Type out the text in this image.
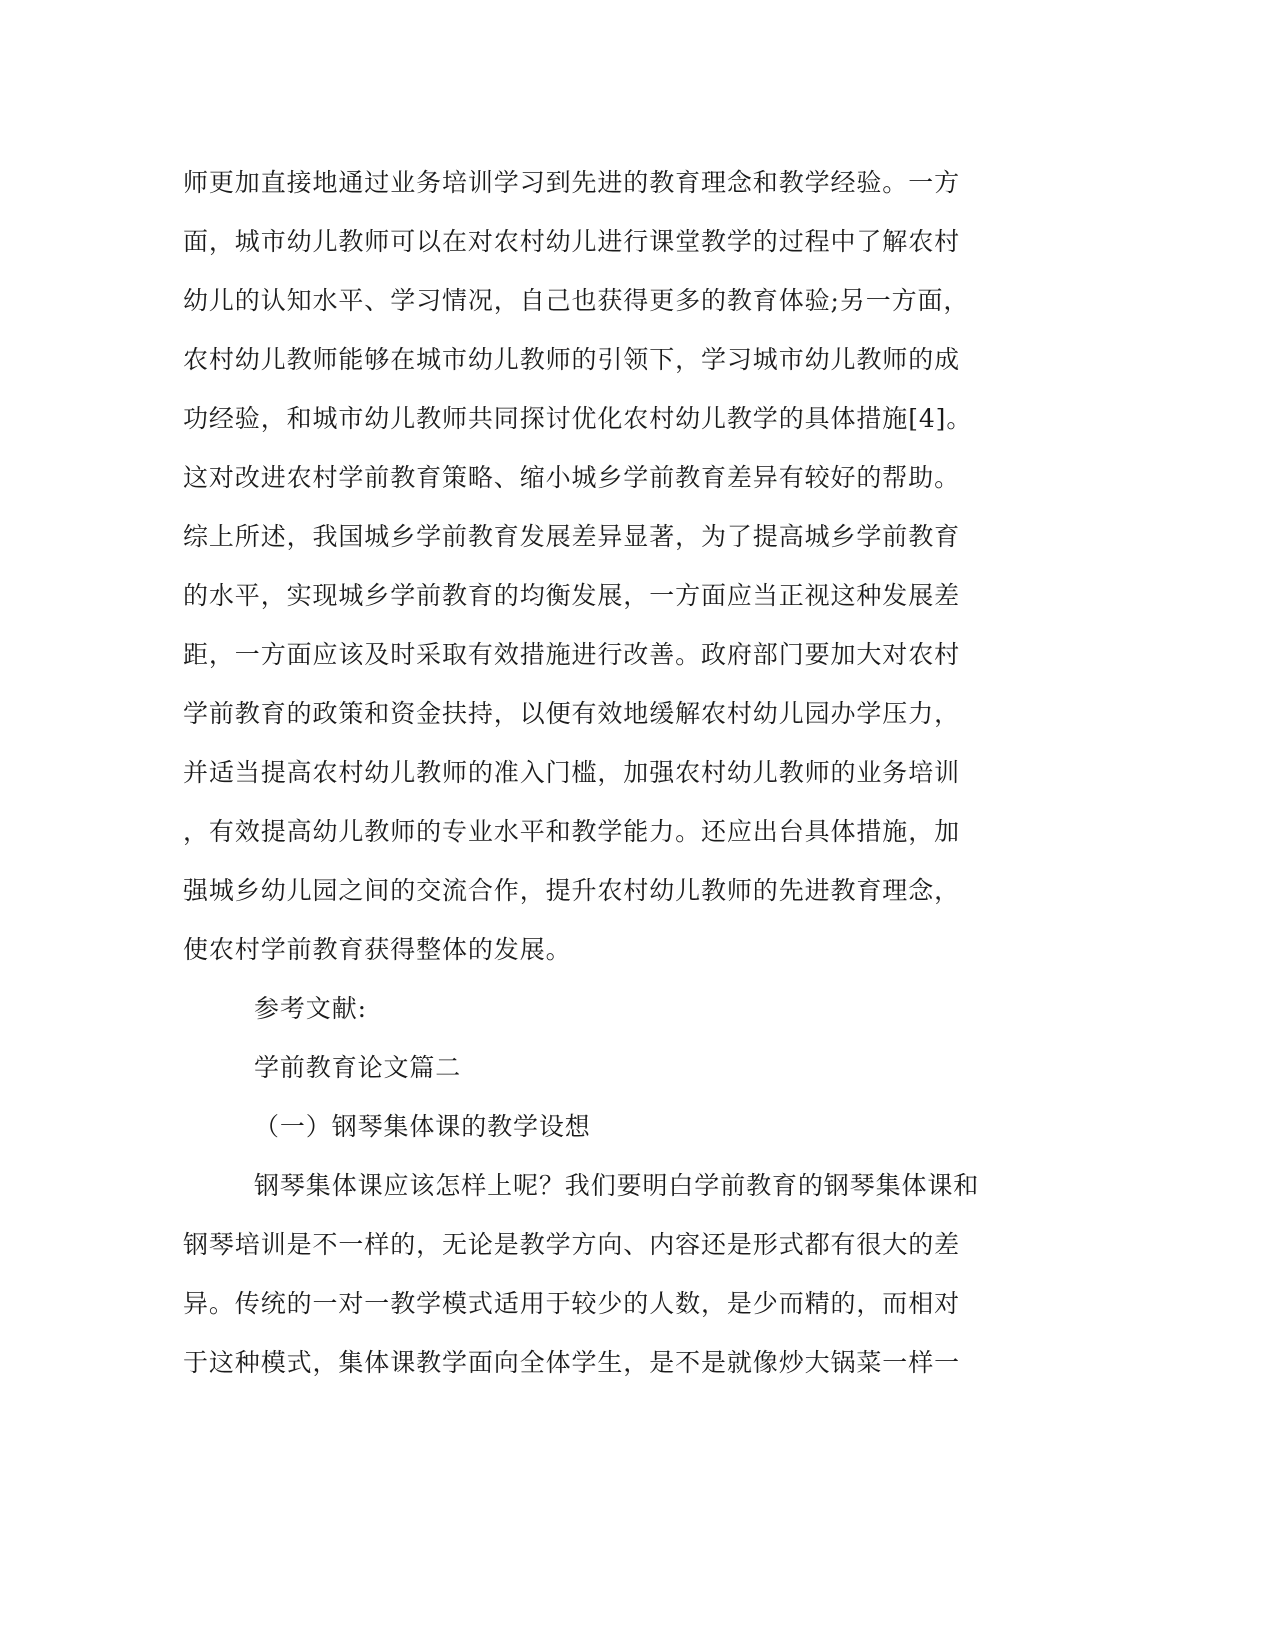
师更加直接地通过业务培训学习到先进的教育理念和教学经验。一方
面，城市幼儿教师可以在对农村幼儿进行课堂教学的过程中了解农村
幼儿的认知水平、学习情况，自己也获得更多的教育体验;另一方面，
农村幼儿教师能够在城市幼儿教师的引领下，学习城市幼儿教师的成
功经验，和城市幼儿教师共同探讨优化农村幼儿教学的具体措施[4]。
这对改进农村学前教育策略、缩小城乡学前教育差异有较好的帮助。
综上所述，我国城乡学前教育发展差异显著，为了提高城乡学前教育
的水平，实现城乡学前教育的均衡发展，一方面应当正视这种发展差
距，一方面应该及时采取有效措施进行改善。政府部门要加大对农村
学前教育的政策和资金扶持，以便有效地缓解农村幼儿园办学压力，
并适当提高农村幼儿教师的准入门槛，加强农村幼儿教师的业务培训
，有效提高幼儿教师的专业水平和教学能力。还应出台具体措施，加
强城乡幼儿园之间的交流合作，提升农村幼儿教师的先进教育理念，
使农村学前教育获得整体的发展。
参考文献:
学前教育论文篇二
（一）钢琴集体课的教学设想
钢琴集体课应该怎样上呢？我们要明白学前教育的钢琴集体课和
钢琴培训是不一样的，无论是教学方向、内容还是形式都有很大的差
异。传统的一对一教学模式适用于较少的人数，是少而精的，而相对
于这种模式，集体课教学面向全体学生，是不是就像炒大锅菜一样一
